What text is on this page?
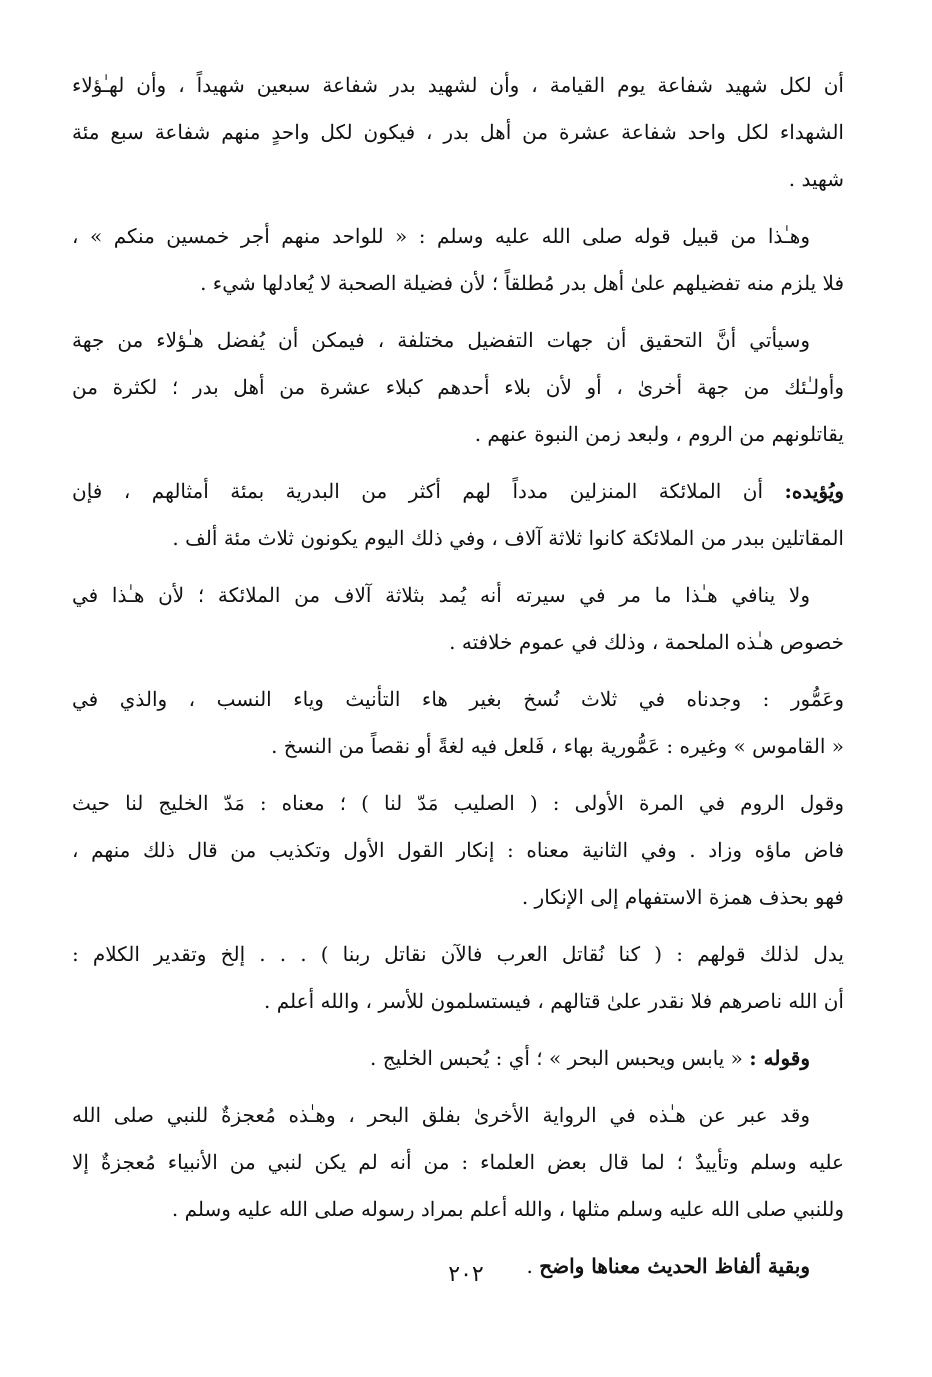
أن لكل شهيد شفاعة يوم القيامة ، وأن لشهيد بدر شفاعة سبعين شهيداً ، وأن لهـٰؤلاء
الشهداء لكل واحد شفاعة عشرة من أهل بدر ، فيكون لكل واحدٍ منهم شفاعة سبع مئة
شهيد .

وهـٰذا من قبيل قوله صلى الله عليه وسلم : « للواحد منهم أجر خمسين منكم » ،
فلا يلزم منه تفضيلهم علىٰ أهل بدر مُطلقاً ؛ لأن فضيلة الصحبة لا يُعادلها شيء .

وسيأتي أنَّ التحقيق أن جهات التفضيل مختلفة ، فيمكن أن يُفضل هـٰؤلاء من جهة
وأولـٰئك من جهة أخرىٰ ، أو لأن بلاء أحدهم كبلاء عشرة من أهل بدر ؛ لكثرة من
يقاتلونهم من الروم ، ولبعد زمن النبوة عنهم .

ويُؤيده: أن الملائكة المنزلين مدداً لهم أكثر من البدرية بمئة أمثالهم ، فإن
المقاتلين ببدر من الملائكة كانوا ثلاثة آلاف ، وفي ذلك اليوم يكونون ثلاث مئة ألف .

ولا ينافي هـٰذا ما مر في سيرته أنه يُمد بثلاثة آلاف من الملائكة ؛ لأن هـٰذا في
خصوص هـٰذه الملحمة ، وذلك في عموم خلافته .

وعَمُّور : وجدناه في ثلاث نُسخ بغير هاء التأنيث وياء النسب ، والذي في
« القاموس » وغيره : عَمُّورية بهاء ، فَلعل فيه لغةً أو نقصاً من النسخ .

وقول الروم في المرة الأولى : ( الصليب مَدّ لنا ) ؛ معناه : مَدّ الخليج لنا حيث
فاض ماؤه وزاد . وفي الثانية معناه : إنكار القول الأول وتكذيب من قال ذلك منهم ،
فهو بحذف همزة الاستفهام إلى الإنكار .

يدل لذلك قولهم : ( كنا نُقاتل العرب فالآن نقاتل ربنا ) . . . إلخ وتقدير الكلام :
أن الله ناصرهم فلا نقدر علىٰ قتالهم ، فيستسلمون للأسر ، والله أعلم .

وقوله : « يابس ويحبس البحر » ؛ أي : يُحبس الخليج .

وقد عبر عن هـٰذه في الرواية الأخرىٰ بفلق البحر ، وهـٰذه مُعجزةٌ للنبي صلى الله
عليه وسلم وتأييدٌ ؛ لما قال بعض العلماء : من أنه لم يكن لنبي من الأنبياء مُعجزةٌ إلا
وللنبي صلى الله عليه وسلم مثلها ، والله أعلم بمراد رسوله صلى الله عليه وسلم .

وبقية ألفاظ الحديث معناها واضح .

٢٠٢
